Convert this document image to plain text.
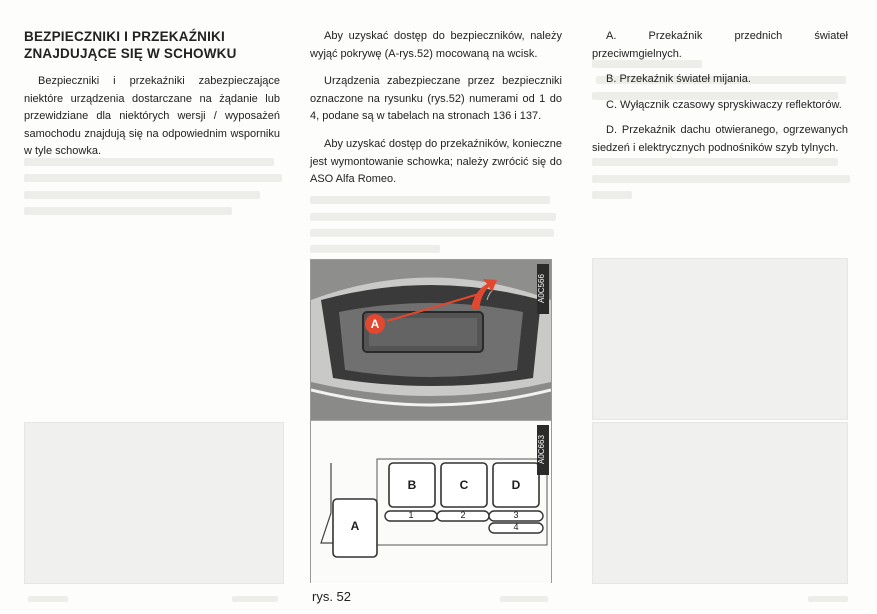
BEZPIECZNIKI I PRZEKAŹNIKI
ZNAJDUJĄCE SIĘ W SCHOWKU
Bezpieczniki i przekaźniki zabezpieczające niektóre urządzenia dostarczane na żądanie lub przewidziane dla niektórych wersji / wyposażeń samochodu znajdują się na odpowiednim wsporniku w tyle schowka.
Aby uzyskać dostęp do bezpieczników, należy wyjąć pokrywę (A-rys.52) mocowaną na wcisk.
Urządzenia zabezpieczane przez bezpieczniki oznaczone na rysunku (rys.52) numerami od 1 do 4, podane są w tabelach na stronach 136 i 137.
Aby uzyskać dostęp do przekaźników, konieczne jest wymontowanie schowka; należy zwrócić się do ASO Alfa Romeo.
A. Przekaźnik przednich świateł przeciwmgielnych.
B. Przekaźnik świateł mijania.
C. Wyłącznik czasowy spryskiwaczy reflektorów.
D. Przekaźnik dachu otwieranego, ogrzewanych siedzeń i elektrycznych podnośników szyb tylnych.
A
A0C566
A0C663
A
B	C	D
1	2	3
4
rys. 52
